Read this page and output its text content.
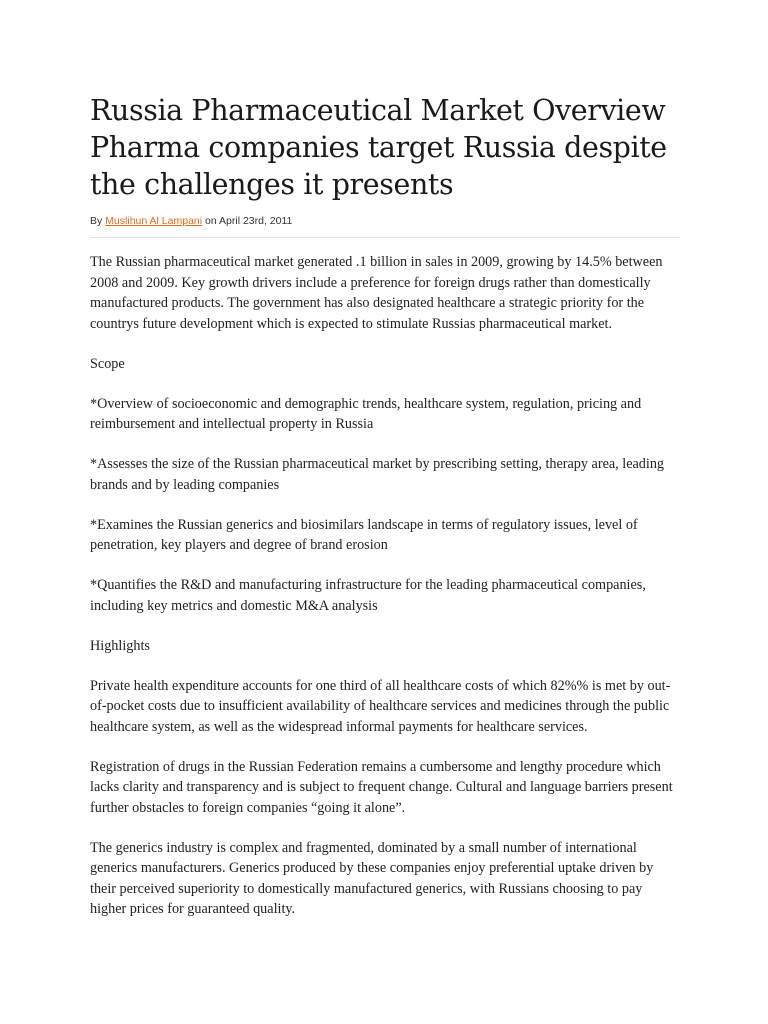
Russia Pharmaceutical Market Overview
Pharma companies target Russia despite
the challenges it presents
By Muslihun Al Lampani on April 23rd, 2011

The Russian pharmaceutical market generated .1 billion in sales in 2009, growing by 14.5% between 2008 and 2009. Key growth drivers include a preference for foreign drugs rather than domestically manufactured products. The government has also designated healthcare a strategic priority for the countrys future development which is expected to stimulate Russias pharmaceutical market.

Scope

*Overview of socioeconomic and demographic trends, healthcare system, regulation, pricing and reimbursement and intellectual property in Russia

*Assesses the size of the Russian pharmaceutical market by prescribing setting, therapy area, leading brands and by leading companies

*Examines the Russian generics and biosimilars landscape in terms of regulatory issues, level of penetration, key players and degree of brand erosion

*Quantifies the R&D and manufacturing infrastructure for the leading pharmaceutical companies, including key metrics and domestic M&A analysis

Highlights

Private health expenditure accounts for one third of all healthcare costs of which 82%% is met by out-of-pocket costs due to insufficient availability of healthcare services and medicines through the public healthcare system, as well as the widespread informal payments for healthcare services.

Registration of drugs in the Russian Federation remains a cumbersome and lengthy procedure which lacks clarity and transparency and is subject to frequent change. Cultural and language barriers present further obstacles to foreign companies “going it alone”.

The generics industry is complex and fragmented, dominated by a small number of international generics manufacturers. Generics produced by these companies enjoy preferential uptake driven by their perceived superiority to domestically manufactured generics, with Russians choosing to pay higher prices for guaranteed quality.
